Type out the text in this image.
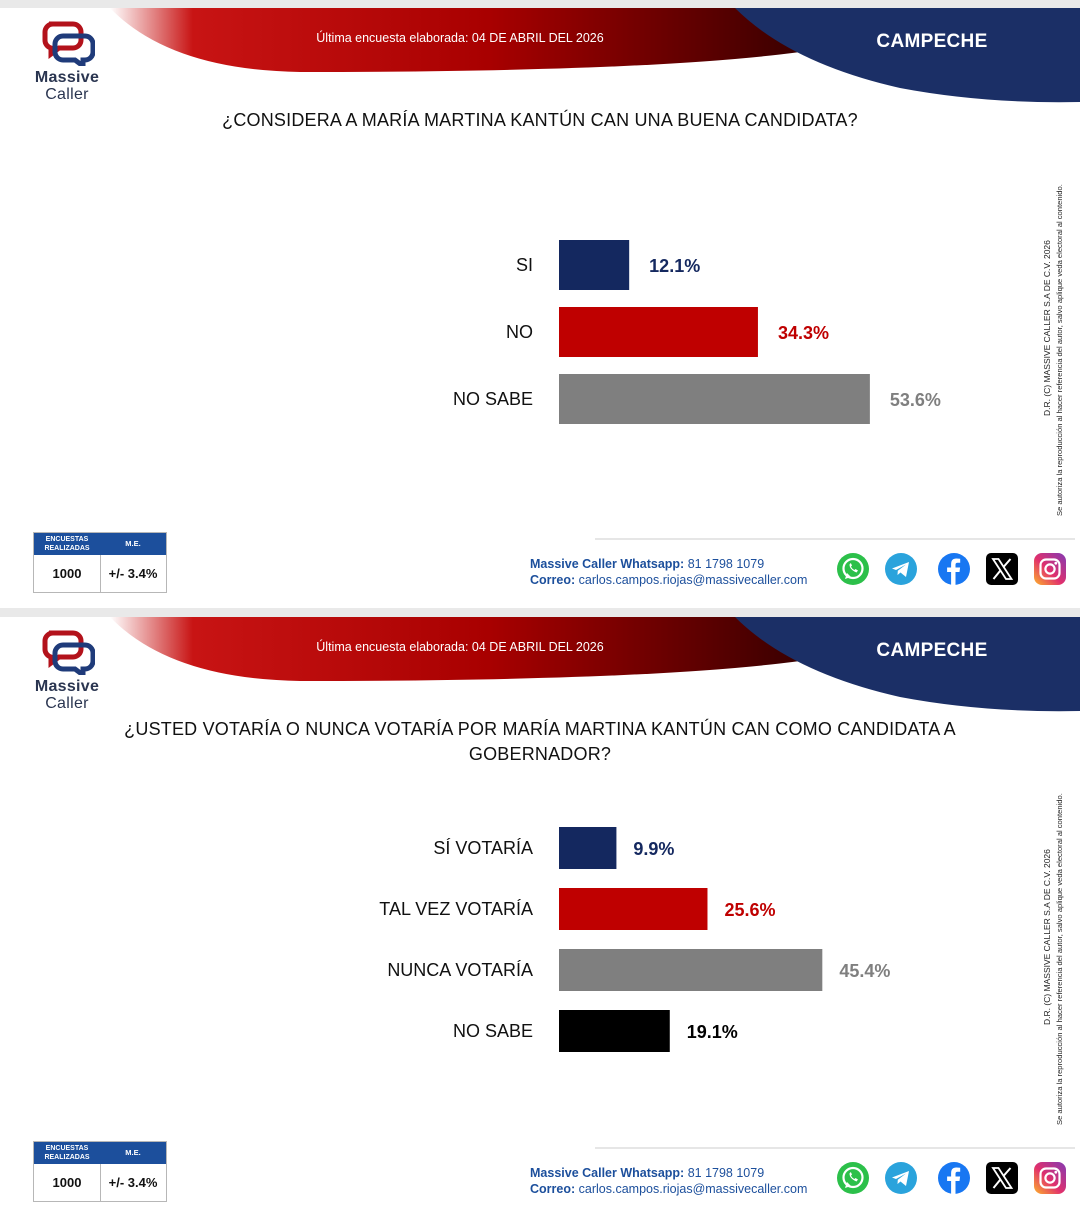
Massive
Caller
Última encuesta elaborada: 04 DE ABRIL DEL 2026	CAMPECHE
¿CONSIDERA A MARÍA MARTINA KANTÚN CAN UNA BUENA CANDIDATA?
SI	12.1%
NO	34.3%
NO SABE	53.6%	D.R. (C) MASSIVE CALLER S.A DE C.V. 2026 Se autoriza la reproducción al hacer referencia del autor, salvo aplique veda electoral al contenido.
ENCUESTAS REALIZADAS
M.E.
1000	+/- 3.4%
Massive Caller Whatsapp: 81 1798 1079
Correo: carlos.campos.riojas@massivecaller.com
Massive
Caller
Última encuesta elaborada: 04 DE ABRIL DEL 2026	CAMPECHE
¿USTED VOTARÍA O NUNCA VOTARÍA POR MARÍA MARTINA KANTÚN CAN COMO CANDIDATA A GOBERNADOR?
SÍ VOTARÍA	9.9%
TAL VEZ VOTARÍA	25.6%
NUNCA VOTARÍA	45.4%
NO SABE	19.1%
D.R. (C) MASSIVE CALLER S.A DE C.V. 2026 Se autoriza la reproducción al hacer referencia del autor, salvo aplique veda electoral al contenido.
ENCUESTAS REALIZADAS
M.E.
1000	+/- 3.4%
Massive Caller Whatsapp: 81 1798 1079
Correo: carlos.campos.riojas@massivecaller.com
